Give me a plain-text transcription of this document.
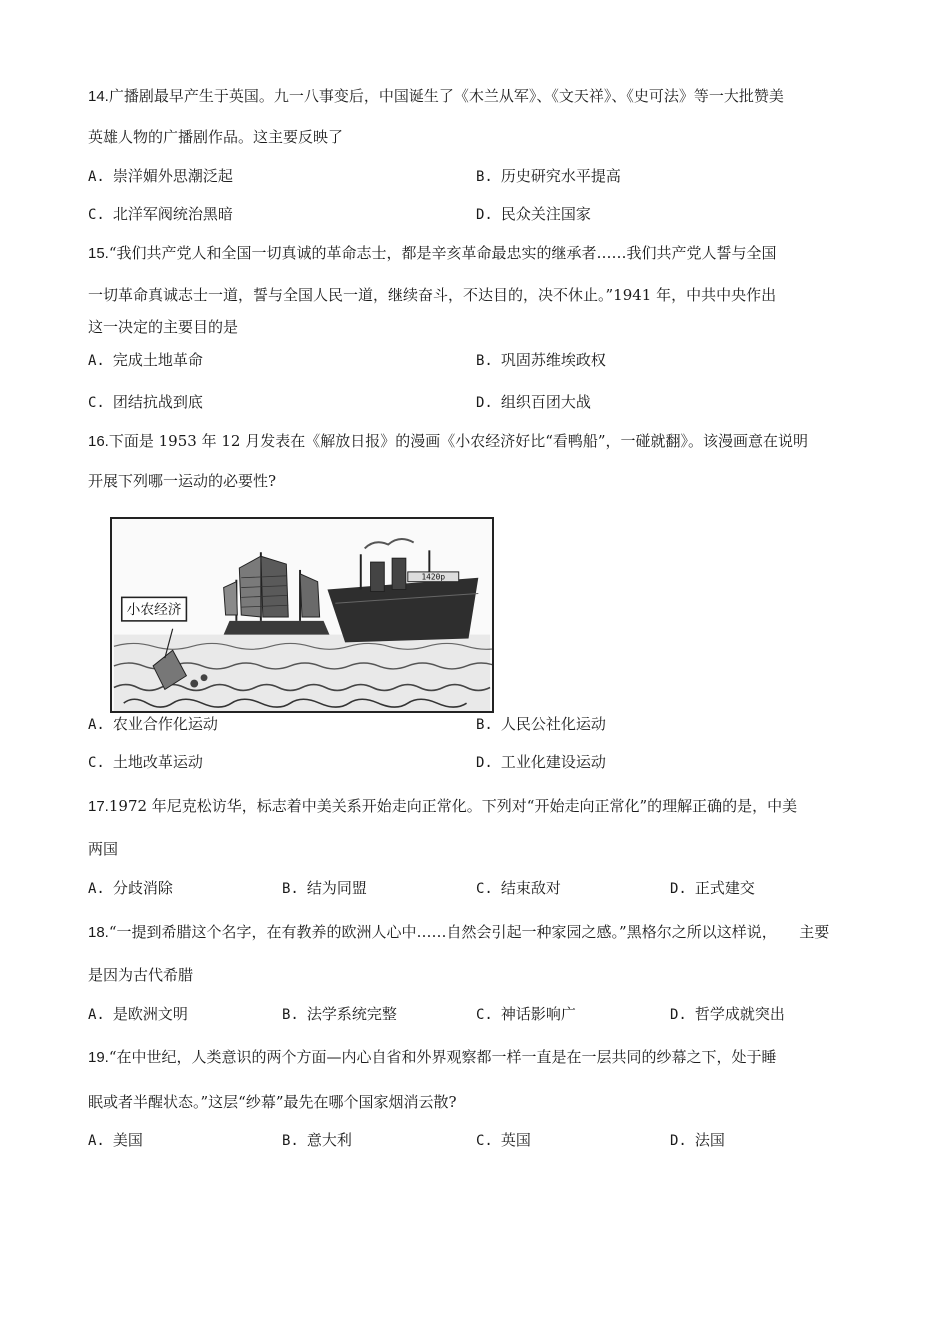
14.广播剧最早产生于英国。九一八事变后，中国诞生了《木兰从军》、《文天祥》、《史可法》等一大批赞美
英雄人物的广播剧作品。这主要反映了
A. 崇洋媚外思潮泛起	B. 历史研究水平提高
C. 北洋军阀统治黑暗	D. 民众关注国家
15.“我们共产党人和全国一切真诚的革命志士，都是辛亥革命最忠实的继承者……我们共产党人誓与全国
一切革命真诚志士一道，誓与全国人民一道，继续奋斗，不达目的，决不休止。”1941 年，中共中央作出
这一决定的主要目的是
A. 完成土地革命	B. 巩固苏维埃政权
C. 团结抗战到底	D. 组织百团大战
16.下面是 1953 年 12 月发表在《解放日报》的漫画《小农经济好比“看鸭船”，一碰就翻》。该漫画意在说明
开展下列哪一运动的必要性?
1420p
小农经济
A. 农业合作化运动	B. 人民公社化运动
C. 土地改革运动	D. 工业化建设运动
17.1972 年尼克松访华，标志着中美关系开始走向正常化。下列对“开始走向正常化”的理解正确的是，中美
两国
A. 分歧消除	B. 结为同盟	C. 结束敌对	D. 正式建交
18.“一提到希腊这个名字，在有教养的欧洲人心中……自然会引起一种家园之感。”黑格尔之所以这样说，　　主要
是因为古代希腊
A. 是欧洲文明	B. 法学系统完整	C. 神话影响广	D. 哲学成就突出
19.“在中世纪，人类意识的两个方面—内心自省和外界观察都一样一直是在一层共同的纱幕之下，处于睡
眠或者半醒状态。”这层“纱幕”最先在哪个国家烟消云散?
A. 美国	B. 意大利	C. 英国	D. 法国
